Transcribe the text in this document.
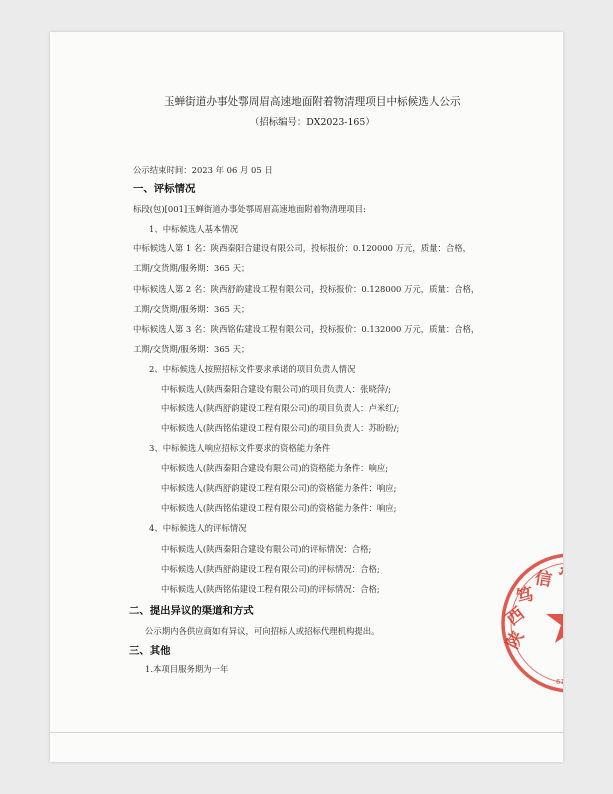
玉蝉街道办事处鄠周眉高速地面附着物清理项目中标候选人公示
（招标编号：DX2023-165）
公示结束时间：2023 年 06 月 05 日
一、评标情况
标段(包)[001]玉蝉街道办事处鄠周眉高速地面附着物清理项目:
1、中标候选人基本情况
中标候选人第 1 名：陕西秦阳合建设有限公司，投标报价：0.120000 万元，质量：合格，
工期/交货期/服务期：365 天；
中标候选人第 2 名：陕西舒韵建设工程有限公司，投标报价：0.128000 万元，质量：合格，
工期/交货期/服务期：365 天；
中标候选人第 3 名：陕西铭佑建设工程有限公司，投标报价：0.132000 万元，质量：合格，
工期/交货期/服务期：365 天；
2、中标候选人按照招标文件要求承诺的项目负责人情况
中标候选人(陕西秦阳合建设有限公司)的项目负责人：张晓萍/;
中标候选人(陕西舒韵建设工程有限公司)的项目负责人：卢米红/;
中标候选人(陕西铭佑建设工程有限公司)的项目负责人：苏盼盼/;
3、中标候选人响应招标文件要求的资格能力条件
中标候选人(陕西秦阳合建设有限公司)的资格能力条件：响应;
中标候选人(陕西舒韵建设工程有限公司)的资格能力条件：响应;
中标候选人(陕西铭佑建设工程有限公司)的资格能力条件：响应;
4、中标候选人的评标情况
中标候选人(陕西秦阳合建设有限公司)的评标情况：合格;
中标候选人(陕西舒韵建设工程有限公司)的评标情况：合格;
中标候选人(陕西铭佑建设工程有限公司)的评标情况：合格;
二、提出异议的渠道和方式
公示期内各供应商如有异议，可向招标人或招标代理机构提出。
三、其他
1.本项目服务期为一年
陕
西
笃
信 招 标
6101
